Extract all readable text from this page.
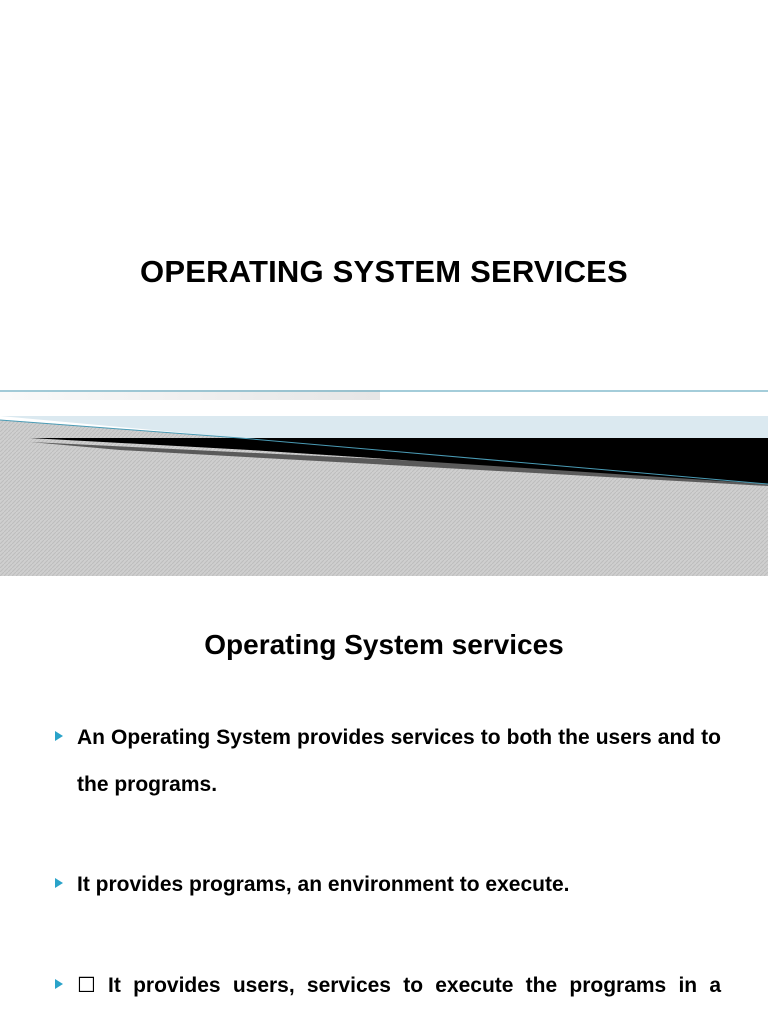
OPERATING SYSTEM SERVICES
Operating System services
An Operating System provides services to both the users and to the programs.
It provides programs, an environment to execute.
☐ It provides users, services to execute the programs in a
